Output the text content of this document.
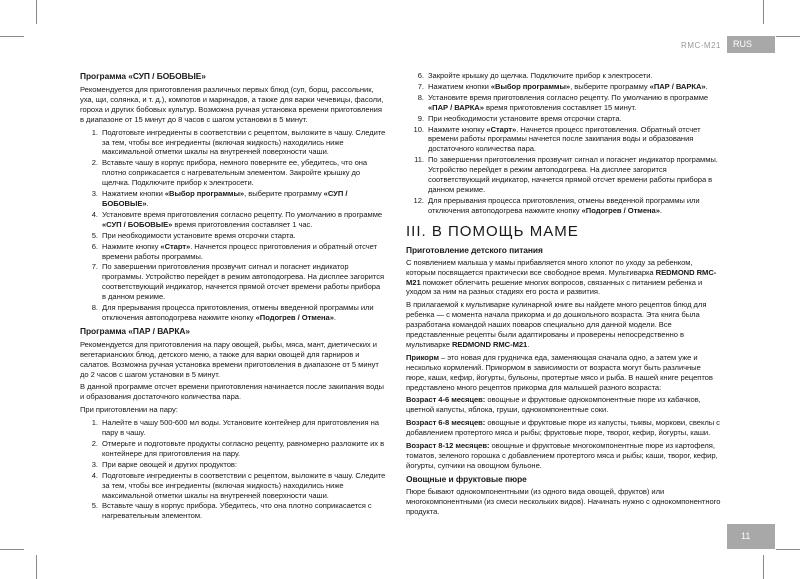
RMC-M21	RUS
11
Программа «СУП / БОБОВЫЕ»

Рекомендуется для приготовления различных первых блюд (суп, борщ, рассольник, уха, щи, солянка, и т. д.), компотов и маринадов, а также для варки чечевицы, фасоли, гороха и других бобовых культур. Возможна ручная установка времени приготовления в диапазоне от 15 минут до 8 часов с шагом установки в 5 минут.

1. Подготовьте ингредиенты в соответствии с рецептом, выложите в чашу. Следите за тем, чтобы все ингредиенты (включая жидкость) находились ниже максимальной отметки шкалы на внутренней поверхности чаши.
2. Вставьте чашу в корпус прибора, немного поверните ее, убедитесь, что она плотно соприкасается с нагревательным элементом. Закройте крышку до щелчка. Подключите прибор к электросети.
3. Нажатием кнопки «Выбор программы», выберите программу «СУП / БОБОВЫЕ».
4. Установите время приготовления согласно рецепту. По умолчанию в программе «СУП / БОБОВЫЕ» время приготовления составляет 1 час.
5. При необходимости установите время отсрочки старта.
6. Нажмите кнопку «Старт». Начнется процесс приготовления и обратный отсчет времени работы программы.
7. По завершении приготовления прозвучит сигнал и погаснет индикатор программы. Устройство перейдет в режим автоподогрева. На дисплее загорится соответствующий индикатор, начнется прямой отсчет времени работы прибора в данном режиме.
8. Для прерывания процесса приготовления, отмены введенной программы или отключения автоподогрева нажмите кнопку «Подогрев / Отмена».
Программа «ПАР / ВАРКА»

Рекомендуется для приготовления на пару овощей, рыбы, мяса, мант, диетических и вегетарианских блюд, детского меню, а также для варки овощей для гарниров и салатов. Возможна ручная установка времени приготовления в диапазоне от 5 минут до 2 часов с шагом установки в 5 минут.

В данной программе отсчет времени приготовления начинается после закипания воды и образования достаточного количества пара.

При приготовлении на пару:

1. Налейте в чашу 500-600 мл воды. Установите контейнер для приготовления на пару в чашу.
2. Отмерьте и подготовьте продукты согласно рецепту, равномерно разложите их в контейнере для приготовления на пару.
3. При варке овощей и других продуктов:
4. Подготовьте ингредиенты в соответствии с рецептом, выложите в чашу. Следите за тем, чтобы все ингредиенты (включая жидкость) находились ниже максимальной отметки шкалы на внутренней поверхности чаши.
5. Вставьте чашу в корпус прибора. Убедитесь, что она плотно соприкасается с нагревательным элементом.
6. Закройте крышку до щелчка. Подключите прибор к электросети.
7. Нажатием кнопки «Выбор программы», выберите программу «ПАР / ВАРКА».
8. Установите время приготовления согласно рецепту. По умолчанию в программе «ПАР / ВАРКА» время приготовления составляет 15 минут.
9. При необходимости установите время отсрочки старта.
10. Нажмите кнопку «Старт». Начнется процесс приготовления. Обратный отсчет времени работы программы начнется после закипания воды и образования достаточного количества пара.
11. По завершении приготовления прозвучит сигнал и погаснет индикатор программы. Устройство перейдет в режим автоподогрева. На дисплее загорится соответствующий индикатор, начнется прямой отсчет времени работы прибора в данном режиме.
12. Для прерывания процесса приготовления, отмены введенной программы или отключения автоподогрева нажмите кнопку «Подогрев / Отмена».
III. В ПОМОЩЬ МАМЕ
Приготовление детского питания

С появлением малыша у мамы прибавляется много хлопот по уходу за ребенком, которым посвящается практически все свободное время. Мультиварка REDMOND RMC-M21 поможет облегчить решение многих вопросов, связанных с питанием ребенка и уходом за ним на разных стадиях его роста и развития.

В прилагаемой к мультиварке кулинарной книге вы найдете много рецептов блюд для ребенка — с момента начала прикорма и до дошкольного возраста. Эта книга была разработана командой наших поваров специально для данной модели. Все представленные рецепты были адаптированы и проверены непосредственно в мультиварке REDMOND RMC-M21.

Прикорм – это новая для грудничка еда, заменяющая сначала одно, а затем уже и несколько кормлений. Прикормом в зависимости от возраста могут быть различные пюре, каши, кефир, йогурты, бульоны, протертые мясо и рыба. В нашей книге рецептов представлено много рецептов прикорма для малышей разного возраста:

Возраст 4-6 месяцев: овощные и фруктовые однокомпонентные пюре из кабачков, цветной капусты, яблока, груши, однокомпонентные соки.

Возраст 6-8 месяцев: овощные и фруктовые пюре из капусты, тыквы, моркови, свеклы с добавлением протертого мяса и рыбы; фруктовые пюре, творог, кефир, йогурты, каши.

Возраст 8-12 месяцев: овощные и фруктовые многокомпонентные пюре из картофеля, томатов, зеленого горошка с добавлением протертого мяса и рыбы; каши, творог, кефир, йогурты, супчики на овощном бульоне.

Овощные и фруктовые пюре

Пюре бывают однокомпонентными (из одного вида овощей, фруктов) или многокомпонентными (из смеси нескольких видов). Начинать нужно с однокомпонентного продукта.
